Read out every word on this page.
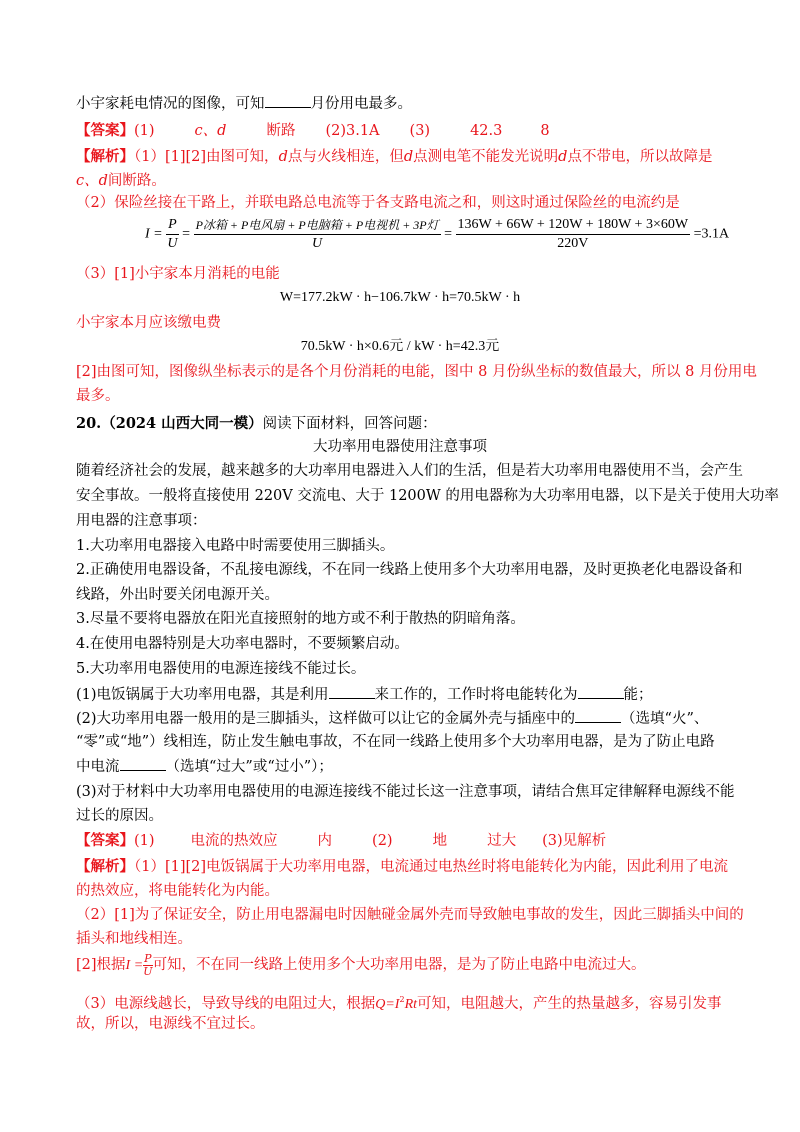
小宇家耗电情况的图像，可知	月份用电最多。
【答案】(1)	c、d	断路 (2)3.1A (3)	42.3	8
【解析】（1）[1][2]由图可知，d点与火线相连，但d点测电笔不能发光说明d点不带电，所以故障是
c、d间断路。
（2）保险丝接在干路上，并联电路总电流等于各支路电流之和，则这时通过保险丝的电流约是
$I = \frac{P}{U} = \frac{\text{P冰箱 + P电风扇 + P电脑箱 + P电视机 + 3P灯}}{U} = \frac{136W + 66W + 120W + 180W + 3\times 60W}{220V} =3.1A$
（3）[1]小宇家本月消耗的电能
W=177.2kW · h−106.7kW · h=70.5kW · h
小宇家本月应该缴电费
70.5kW · h×0.6元 / kW · h=42.3元
[2]由图可知，图像纵坐标表示的是各个月份消耗的电能，图中 8 月份纵坐标的数值最大，所以 8 月份用电
最多。
20.（2024 山西大同一模）阅读下面材料，回答问题：
大功率用电器使用注意事项
随着经济社会的发展，越来越多的大功率用电器进入人们的生活，但是若大功率用电器使用不当，会产生
安全事故。一般将直接使用 220V 交流电、大于 1200W 的用电器称为大功率用电器，以下是关于使用大功率
用电器的注意事项：
1.大功率用电器接入电路中时需要使用三脚插头。
2.正确使用电器设备，不乱接电源线，不在同一线路上使用多个大功率用电器，及时更换老化电器设备和
线路，外出时要关闭电源开关。
3.尽量不要将电器放在阳光直接照射的地方或不利于散热的阴暗角落。
4.在使用电器特别是大功率电器时，不要频繁启动。
5.大功率用电器使用的电源连接线不能过长。
(1)电饭锅属于大功率用电器，其是利用	来工作的，工作时将电能转化为	能；
(2)大功率用电器一般用的是三脚插头，这样做可以让它的金属外壳与插座中的	（选填“火”、
“零”或“地”）线相连，防止发生触电事故，不在同一线路上使用多个大功率用电器，是为了防止电路
中电流	（选填“过大”或“过小”）；
(3)对于材料中大功率用电器使用的电源连接线不能过长这一注意事项，请结合焦耳定律解释电源线不能
过长的原因。
【答案】(1) 电流的热效应	内	(2)	地	过大 (3)见解析
【解析】（1）[1][2]电饭锅属于大功率用电器，电流通过电热丝时将电能转化为内能，因此利用了电流
的热效应，将电能转化为内能。
（2）[1]为了保证安全，防止用电器漏电时因触碰金属外壳而导致触电事故的发生，因此三脚插头中间的
插头和地线相连。
[2]根据$I = \frac{P}{U}$ 可知，不在同一线路上使用多个大功率用电器，是为了防止电路中电流过大。
（3）电源线越长，导致导线的电阻过大，根据$Q=I^2Rt$可知，电阻越大，产生的热量越多，容易引发事
故，所以，电源线不宜过长。
